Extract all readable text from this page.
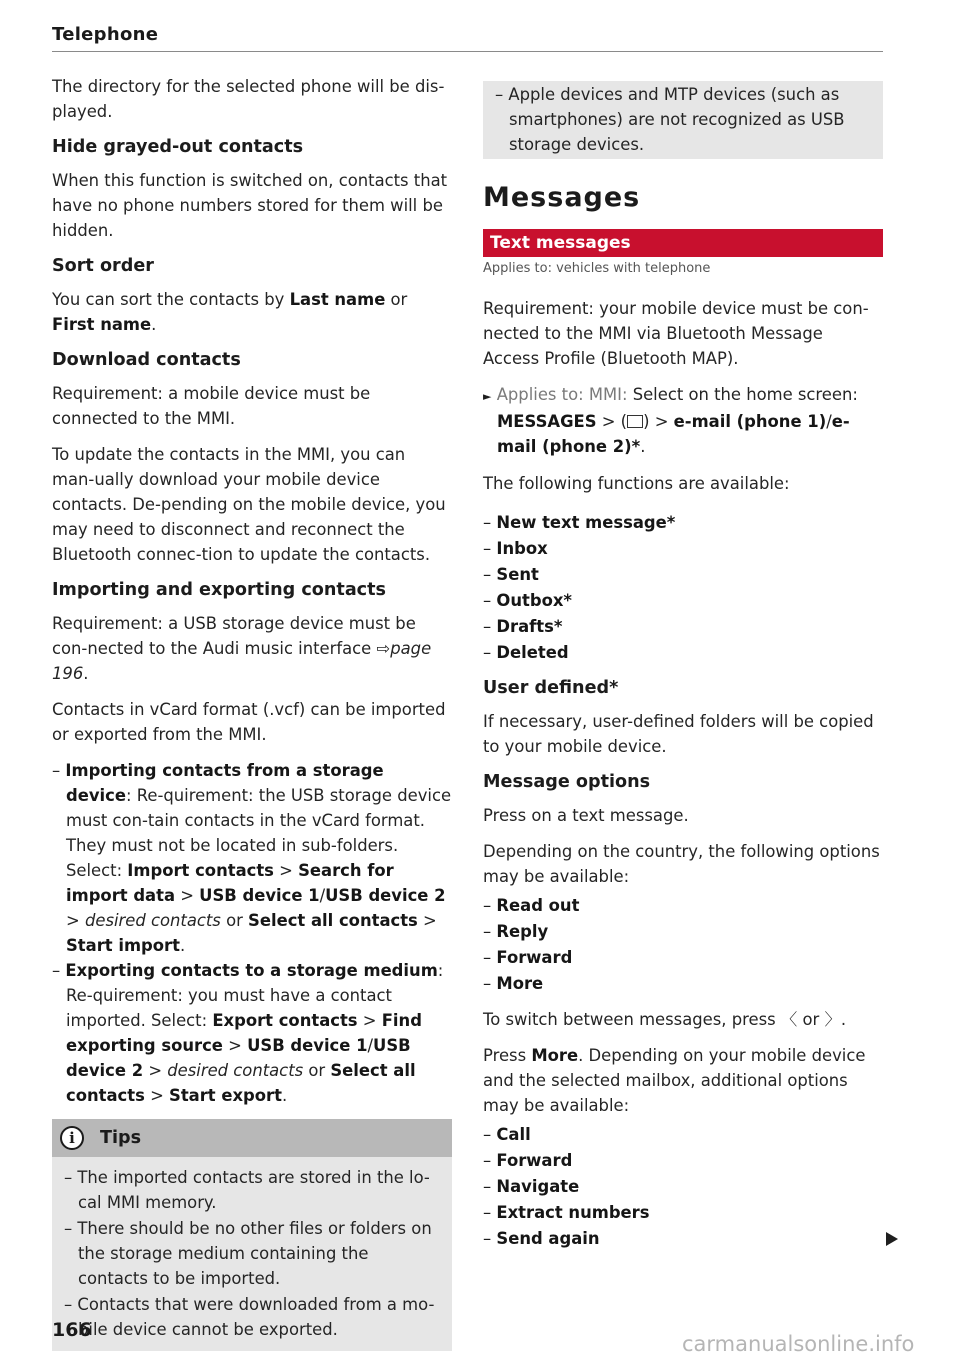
Telephone

The directory for the selected phone will be dis-played.

Hide grayed-out contacts

When this function is switched on, contacts that have no phone numbers stored for them will be hidden.

Sort order

You can sort the contacts by Last name or First name.

Download contacts

Requirement: a mobile device must be connected to the MMI.

To update the contacts in the MMI, you can man-ually download your mobile device contacts. De-pending on the mobile device, you may need to disconnect and reconnect the Bluetooth connec-tion to update the contacts.

Importing and exporting contacts

Requirement: a USB storage device must be con-nected to the Audi music interface ⇨page 196.

Contacts in vCard format (.vcf) can be imported or exported from the MMI.

– Importing contacts from a storage device: Re-quirement: the USB storage device must con-tain contacts in the vCard format. They must not be located in sub-folders. Select: Import contacts > Search for import data > USB device 1/USB device 2 > desired contacts or Select all contacts > Start import.

– Exporting contacts to a storage medium: Re-quirement: you must have a contact imported. Select: Export contacts > Find exporting source > USB device 1/USB device 2 > desired contacts or Select all contacts > Start export.

i	Tips

– The imported contacts are stored in the lo-cal MMI memory.

– There should be no other files or folders on the storage medium containing the contacts to be imported.

– Contacts that were downloaded from a mo-bile device cannot be exported.

– Apple devices and MTP devices (such as smartphones) are not recognized as USB storage devices.

Messages
Text messages
Applies to: vehicles with telephone

Requirement: your mobile device must be con-nected to the MMI via Bluetooth Message Access Profile (Bluetooth MAP).

► Applies to: MMI: Select on the home screen: MESSAGES > ( ) > e-mail (phone 1)/e-mail (phone 2)*.

The following functions are available:

– New text message*
– Inbox
– Sent
– Outbox*
– Drafts*
– Deleted
User defined*

If necessary, user-defined folders will be copied to your mobile device.

Message options

Press on a text message.

Depending on the country, the following options may be available:

– Read out
– Reply
– Forward
– More

To switch between messages, press 〈 or 〉.

Press More. Depending on your mobile device and the selected mailbox, additional options may be available:

– Call
– Forward
– Navigate
– Extract numbers
– Send again
166
carmanualsonline.info
